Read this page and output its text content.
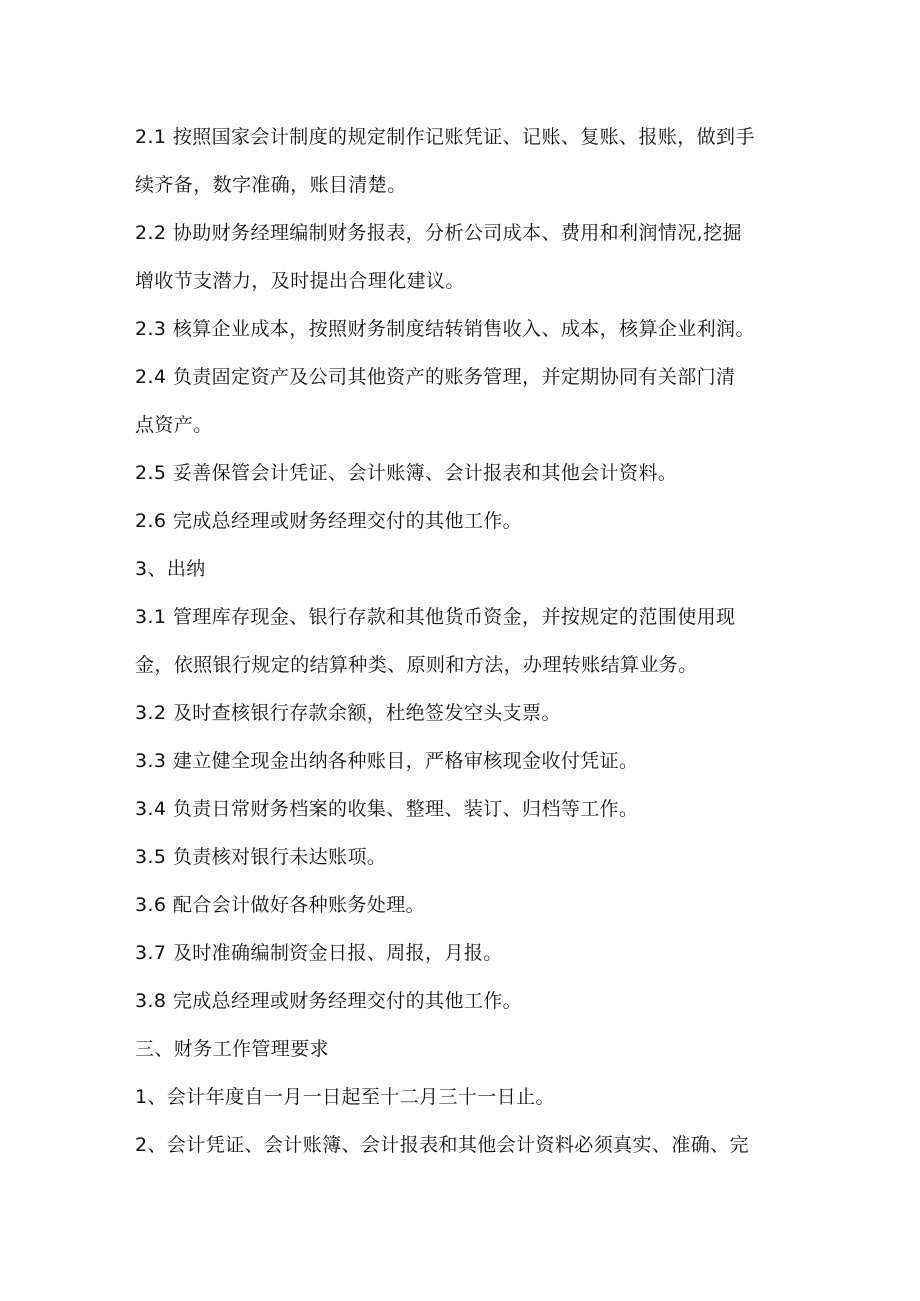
2.1 按照国家会计制度的规定制作记账凭证、记账、复账、报账，做到手
续齐备，数字准确，账目清楚。
2.2 协助财务经理编制财务报表，分析公司成本、费用和利润情况,挖掘
增收节支潜力，及时提出合理化建议。
2.3 核算企业成本，按照财务制度结转销售收入、成本，核算企业利润。
2.4 负责固定资产及公司其他资产的账务管理，并定期协同有关部门清
点资产。
2.5 妥善保管会计凭证、会计账簿、会计报表和其他会计资料。
2.6 完成总经理或财务经理交付的其他工作。
3、出纳
3.1 管理库存现金、银行存款和其他货币资金，并按规定的范围使用现
金，依照银行规定的结算种类、原则和方法，办理转账结算业务。
3.2 及时查核银行存款余额，杜绝签发空头支票。
3.3 建立健全现金出纳各种账目，严格审核现金收付凭证。
3.4 负责日常财务档案的收集、整理、装订、归档等工作。
3.5 负责核对银行未达账项。
3.6 配合会计做好各种账务处理。
3.7 及时准确编制资金日报、周报，月报。
3.8 完成总经理或财务经理交付的其他工作。
三、财务工作管理要求
1、会计年度自一月一日起至十二月三十一日止。
2、会计凭证、会计账簿、会计报表和其他会计资料必须真实、准确、完
